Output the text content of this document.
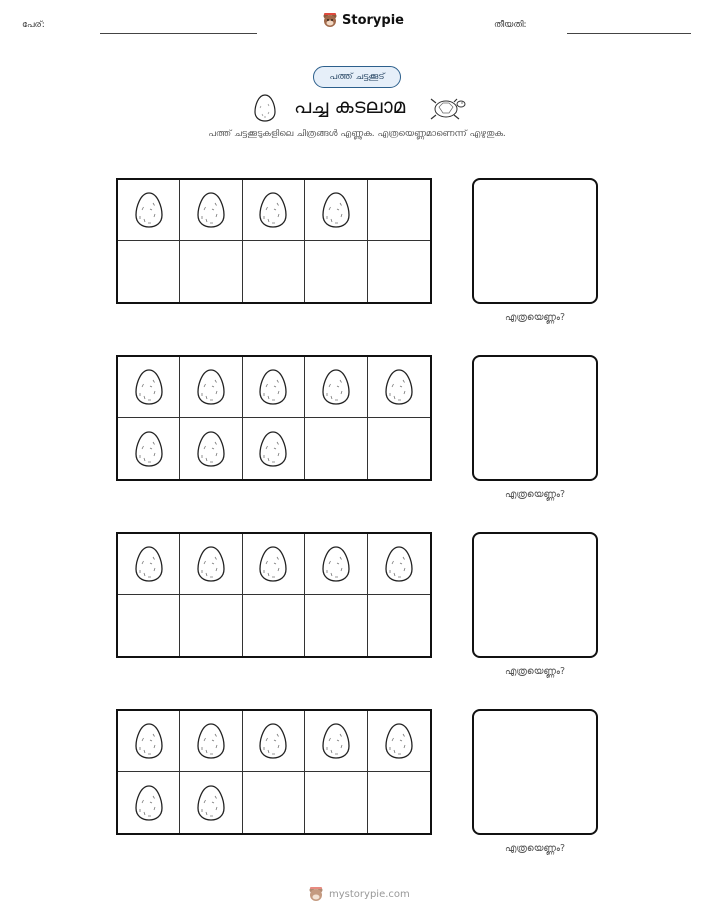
പേര്:	Storypie	തീയതി:
പത്ത് ചട്ടക്കൂട്
പച്ച കടലാമ
പത്ത് ചട്ടക്കൂടുകളിലെ ചിത്രങ്ങൾ എണ്ണുക. എത്രയെണ്ണമാണെന്ന് എഴുതുക.
എത്രയെണ്ണം?
എത്രയെണ്ണം?
എത്രയെണ്ണം?
എത്രയെണ്ണം?
mystorypie.com
